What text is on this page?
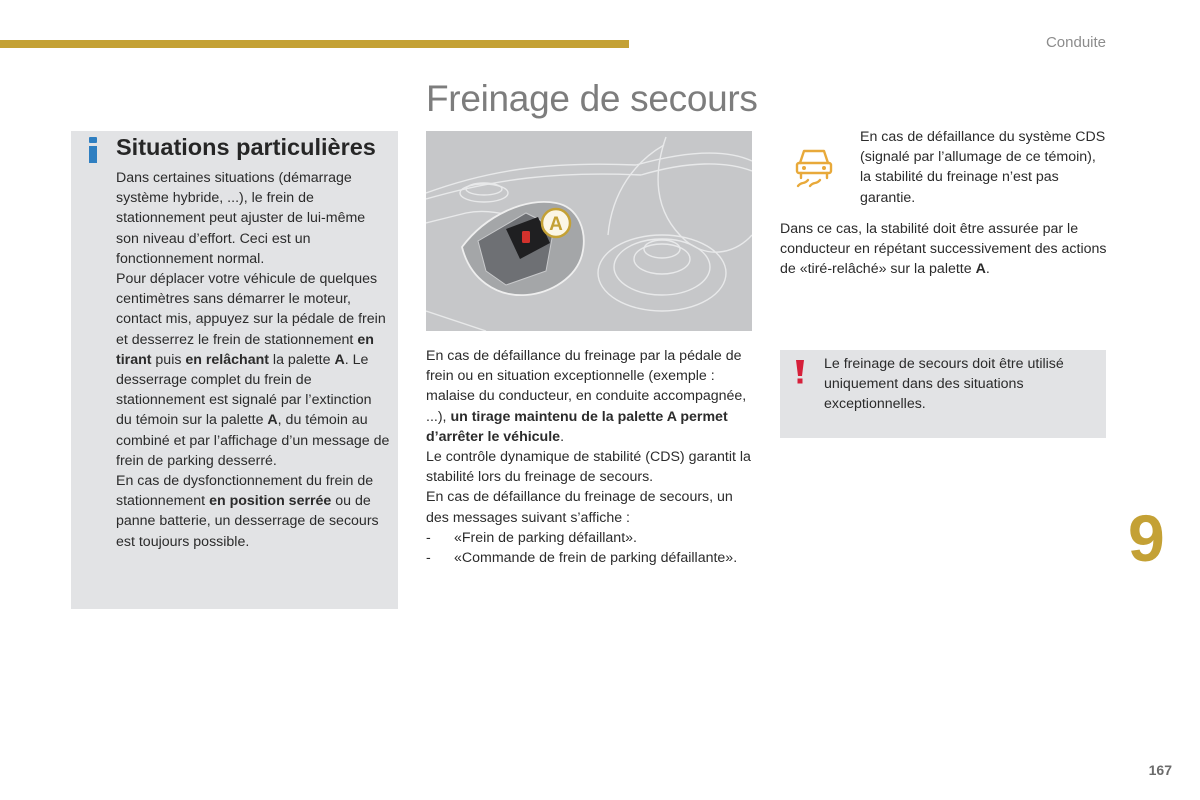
Conduite
Freinage de secours
Situations particulières

Dans certaines situations (démarrage système hybride, ...), le frein de stationnement peut ajuster de lui-même son niveau d’effort. Ceci est un fonctionnement normal.

Pour déplacer votre véhicule de quelques centimètres sans démarrer le moteur, contact mis, appuyez sur la pédale de frein et desserrez le frein de stationnement en tirant puis en relâchant la palette A. Le desserrage complet du frein de stationnement est signalé par l’extinction du témoin sur la palette A, du témoin au combiné et par l’affichage d’un message de frein de parking desserré.

En cas de dysfonctionnement du frein de stationnement en position serrée ou de panne batterie, un desserrage de secours est toujours possible.

A

En cas de défaillance du freinage par la pédale de frein ou en situation exceptionnelle (exemple : malaise du conducteur, en conduite accompagnée, ...), un tirage maintenu de la palette A permet d’arrêter le véhicule.

Le contrôle dynamique de stabilité (CDS) garantit la stabilité lors du freinage de secours.

En cas de défaillance du freinage de secours, un des messages suivant s’affiche :

- «Frein de parking défaillant».
- «Commande de frein de parking défaillante».
En cas de défaillance du système CDS (signalé par l’allumage de ce témoin), la stabilité du freinage n’est pas garantie.
Dans ce cas, la stabilité doit être assurée par le conducteur en répétant successivement des actions de «tiré-relâché» sur la palette A.
Le freinage de secours doit être utilisé uniquement dans des situations exceptionnelles.
9
167
